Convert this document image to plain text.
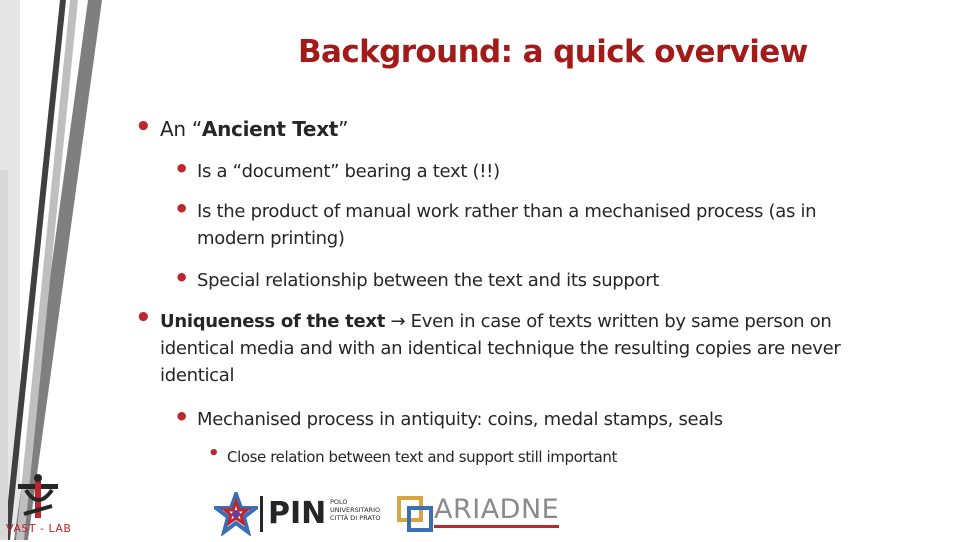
Background: a quick overview
• An “Ancient Text”
• Is a “document” bearing a text (!!)
• Is the product of manual work rather than a mechanised process (as in
modern printing)
• Special relationship between the text and its support
• Uniqueness of the text → Even in case of texts written by same person on
identical media and with an identical technique the resulting copies are never
identical
• Mechanised process in antiquity: coins, medal stamps, seals
• Close relation between text and support still important
VAST - LAB	PIN POLO
UNIVERSITARIO
CITTÀ DI PRATO ARIADNE
